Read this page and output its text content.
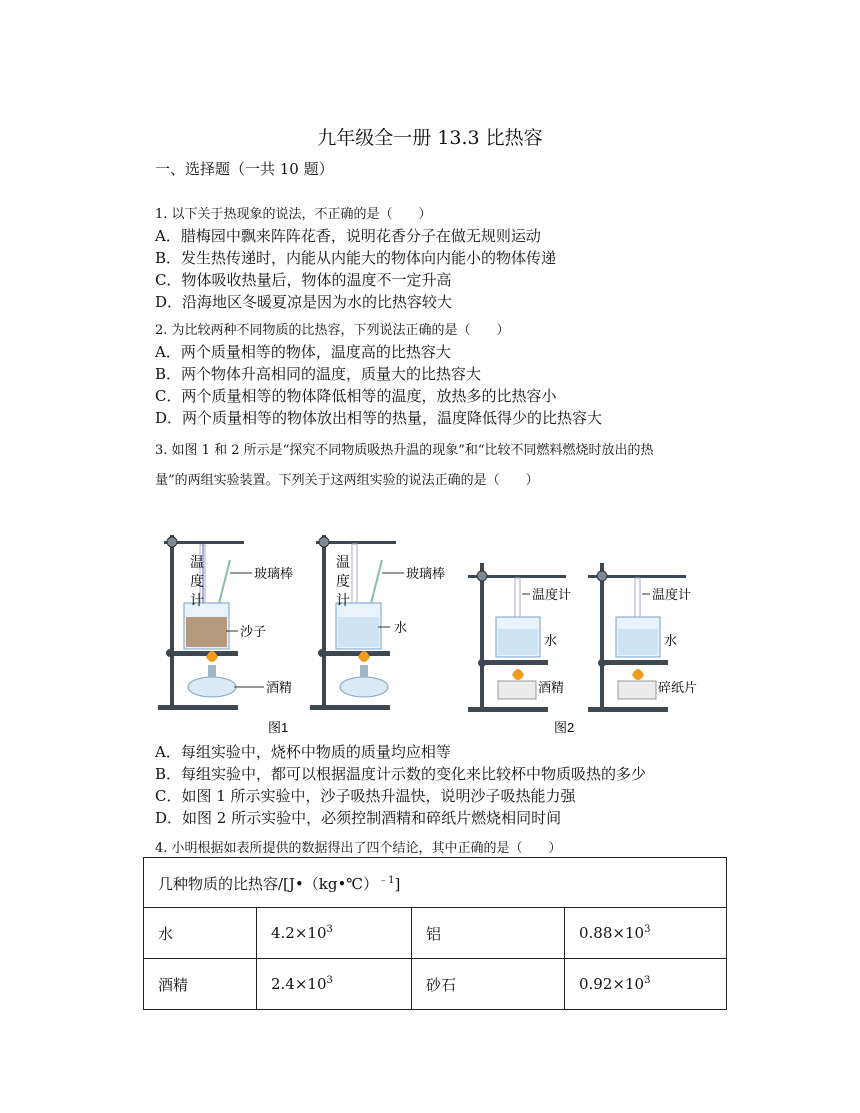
九年级全一册 13.3 比热容
一、选择题（一共 10 题）
1. 以下关于热现象的说法，不正确的是（　　）
A．腊梅园中飘来阵阵花香，说明花香分子在做无规则运动
B．发生热传递时，内能从内能大的物体向内能小的物体传递
C．物体吸收热量后，物体的温度不一定升高
D．沿海地区冬暖夏凉是因为水的比热容较大
2. 为比较两种不同物质的比热容，下列说法正确的是（　　）
A．两个质量相等的物体，温度高的比热容大
B．两个物体升高相同的温度，质量大的比热容大
C．两个质量相等的物体降低相等的温度，放热多的比热容小
D．两个质量相等的物体放出相等的热量，温度降低得少的比热容大
3. 如图 1 和 2 所示是“探究不同物质吸热升温的现象”和“比较不同燃料燃烧时放出的热
量”的两组实验装置。下列关于这两组实验的说法正确的是（　　）
温
度
计
玻璃棒
沙子
酒精
温
度
计
玻璃棒
水
温度计
水
酒精
温度计
水
碎纸片
图1	图2
A．每组实验中，烧杯中物质的质量均应相等
B．每组实验中，都可以根据温度计示数的变化来比较杯中物质吸热的多少
C．如图 1 所示实验中，沙子吸热升温快，说明沙子吸热能力强
D．如图 2 所示实验中，必须控制酒精和碎纸片燃烧相同时间
4. 小明根据如表所提供的数据得出了四个结论，其中正确的是（　　）
几种物质的比热容/[J•（kg•℃）$^{﹣1}$]			
水	$4.2\times 10^3$	铝	$0.88\times 10^3$
酒精	$2.4\times 10^3$	砂石	$0.92\times 10^3$
